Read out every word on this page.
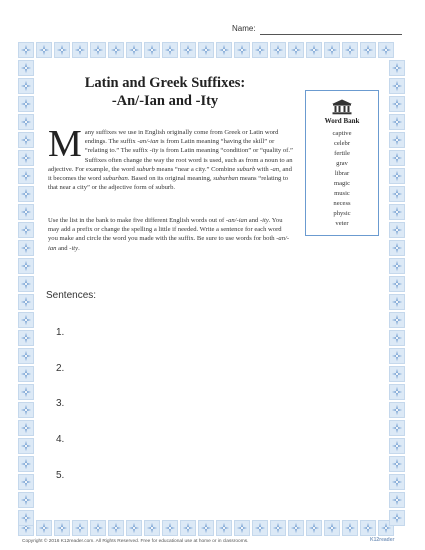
Name:
Latin and Greek Suffixes:
-An/-Ian and -Ity
Many suffixes we use in English originally come from Greek or Latin word endings. The suffix -an/-ian is from Latin meaning “having the skill” or “relating to.” The suffix -ity is from Latin meaning “condition” or “quality of.” Suffixes often change the way the root word is used, such as from a noun to an adjective. For example, the word suburb means “near a city.” Combine suburb with -an, and it becomes the word suburban. Based on its original meaning, suburban means “relating to that near a city” or the adjective form of suburb.
Use the list in the bank to make five different English words out of -an/-ian and -ity. You may add a prefix or change the spelling a little if needed. Write a sentence for each word you make and circle the word you made with the suffix. Be sure to use words for both -an/-ian and -ity.
Word Bank
captive
celebr
fertile
grav
librar
magic
music
necess
physic
veter
Sentences:
1.
2.
3.
4.
5.
Copyright © 2016 K12reader.com. All Rights Reserved. Free for educational use at home or in classrooms.	K12reader
